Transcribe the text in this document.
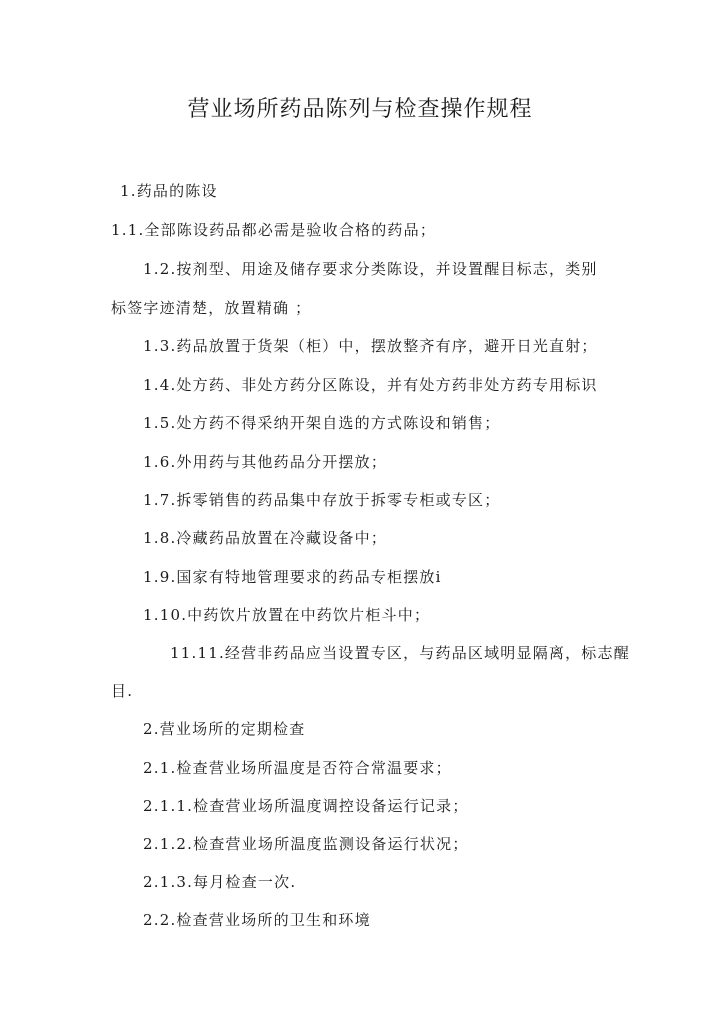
营业场所药品陈列与检查操作规程
1.药品的陈设
1.1.全部陈设药品都必需是验收合格的药品；
1.2.按剂型、用途及储存要求分类陈设，并设置醒目标志，类别
标签字迹清楚，放置精确 ；
1.3.药品放置于货架（柜）中，摆放整齐有序，避开日光直射；
1.4.处方药、非处方药分区陈设，并有处方药非处方药专用标识
1.5.处方药不得采纳开架自选的方式陈设和销售；
1.6.外用药与其他药品分开摆放；
1.7.拆零销售的药品集中存放于拆零专柜或专区；
1.8.冷藏药品放置在冷藏设备中；
1.9.国家有特地管理要求的药品专柜摆放i
1.10.中药饮片放置在中药饮片柜斗中；
11.11.经营非药品应当设置专区，与药品区域明显隔离，标志醒
目.
2.营业场所的定期检查
2.1.检查营业场所温度是否符合常温要求；
2.1.1.检查营业场所温度调控设备运行记录；
2.1.2.检查营业场所温度监测设备运行状况；
2.1.3.每月检查一次.
2.2.检查营业场所的卫生和环境
